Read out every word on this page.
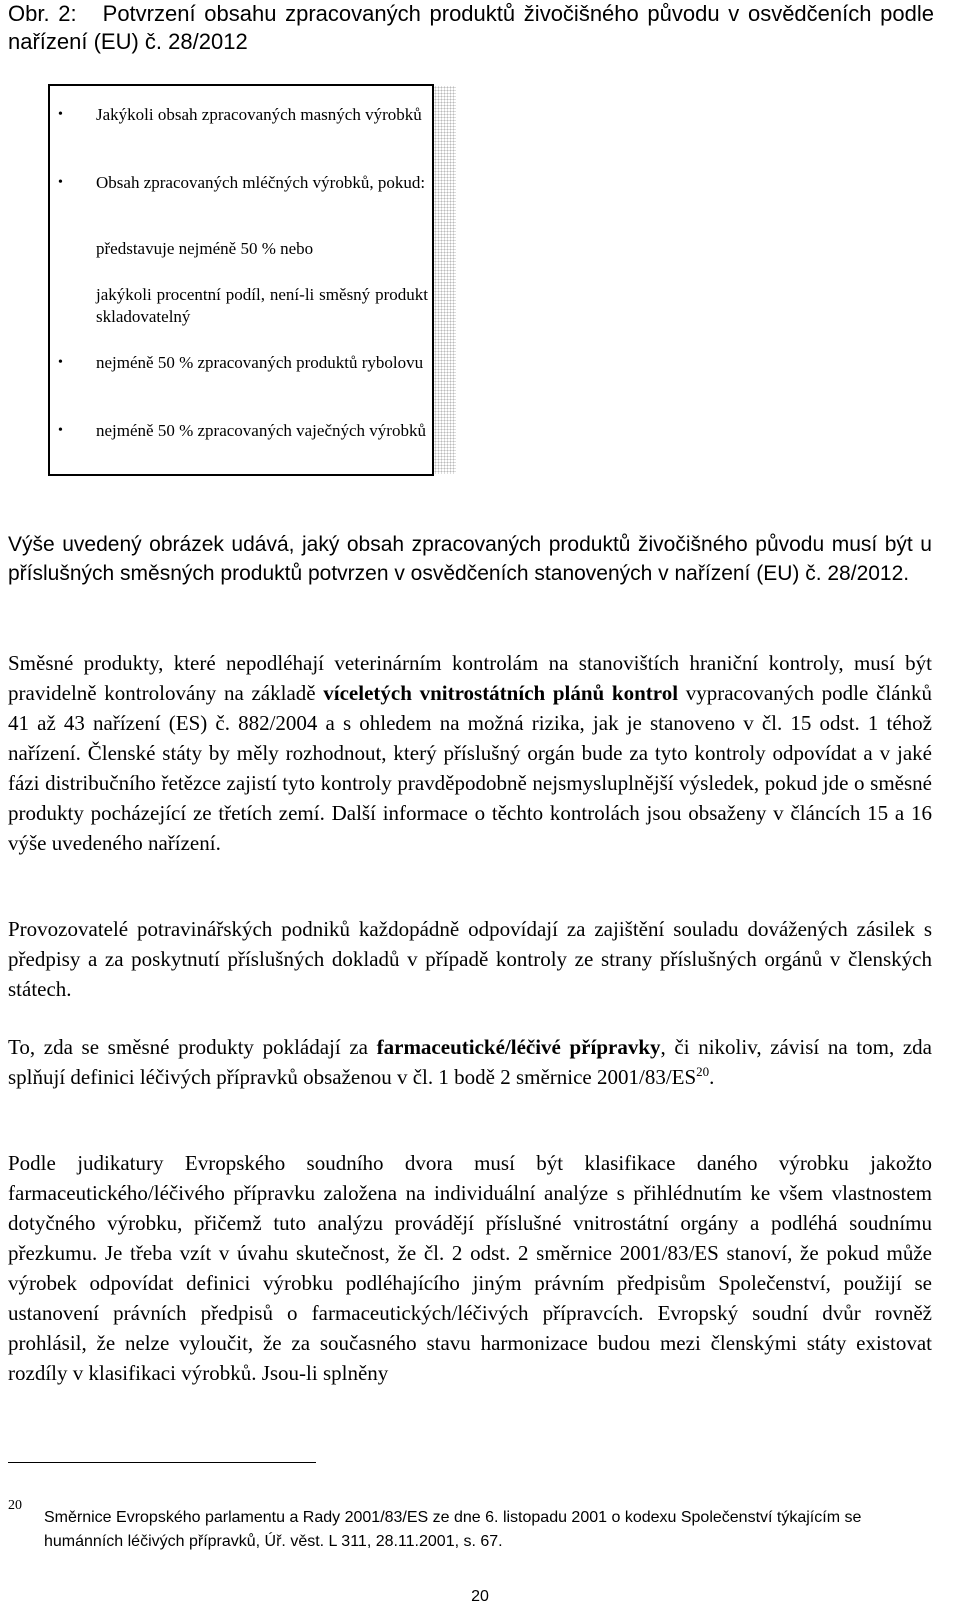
Obr. 2: Potvrzení obsahu zpracovaných produktů živočišného původu v osvědčeních podle nařízení (EU) č. 28/2012

• Jakýkoli obsah zpracovaných masných výrobků
• Obsah zpracovaných mléčných výrobků, pokud:
představuje nejméně 50 % nebo
jakýkoli procentní podíl, není-li směsný produkt skladovatelný
• nejméně 50 % zpracovaných produktů rybolovu
• nejméně 50 % zpracovaných vaječných výrobků

Výše uvedený obrázek udává, jaký obsah zpracovaných produktů živočišného původu musí být u příslušných směsných produktů potvrzen v osvědčeních stanovených v nařízení (EU) č. 28/2012.

Směsné produkty, které nepodléhají veterinárním kontrolám na stanovištích hraniční kontroly, musí být pravidelně kontrolovány na základě víceletých vnitrostátních plánů kontrol vypracovaných podle článků 41 až 43 nařízení (ES) č. 882/2004 a s ohledem na možná rizika, jak je stanoveno v čl. 15 odst. 1 téhož nařízení. Členské státy by měly rozhodnout, který příslušný orgán bude za tyto kontroly odpovídat a v jaké fázi distribučního řetězce zajistí tyto kontroly pravděpodobně nejsmysluplnější výsledek, pokud jde o směsné produkty pocházející ze třetích zemí. Další informace o těchto kontrolách jsou obsaženy v článcích 15 a 16 výše uvedeného nařízení.

Provozovatelé potravinářských podniků každopádně odpovídají za zajištění souladu dovážených zásilek s předpisy a za poskytnutí příslušných dokladů v případě kontroly ze strany příslušných orgánů v členských státech.

To, zda se směsné produkty pokládají za farmaceutické/léčivé přípravky, či nikoliv, závisí na tom, zda splňují definici léčivých přípravků obsaženou v čl. 1 bodě 2 směrnice 2001/83/ES$^{20}$.

Podle judikatury Evropského soudního dvora musí být klasifikace daného výrobku jakožto farmaceutického/léčivého přípravku založena na individuální analýze s přihlédnutím ke všem vlastnostem dotyčného výrobku, přičemž tuto analýzu provádějí příslušné vnitrostátní orgány a podléhá soudnímu přezkumu. Je třeba vzít v úvahu skutečnost, že čl. 2 odst. 2 směrnice 2001/83/ES stanoví, že pokud může výrobek odpovídat definici výrobku podléhajícího jiným právním předpisům Společenství, použijí se ustanovení právních předpisů o farmaceutických/léčivých přípravcích. Evropský soudní dvůr rovněž prohlásil, že nelze vyloučit, že za současného stavu harmonizace budou mezi členskými státy existovat rozdíly v klasifikaci výrobků. Jsou-li splněny

20

Směrnice Evropského parlamentu a Rady 2001/83/ES ze dne 6. listopadu 2001 o kodexu Společenství týkajícím se humánních léčivých přípravků, Úř. věst. L 311, 28.11.2001, s. 67.

20
